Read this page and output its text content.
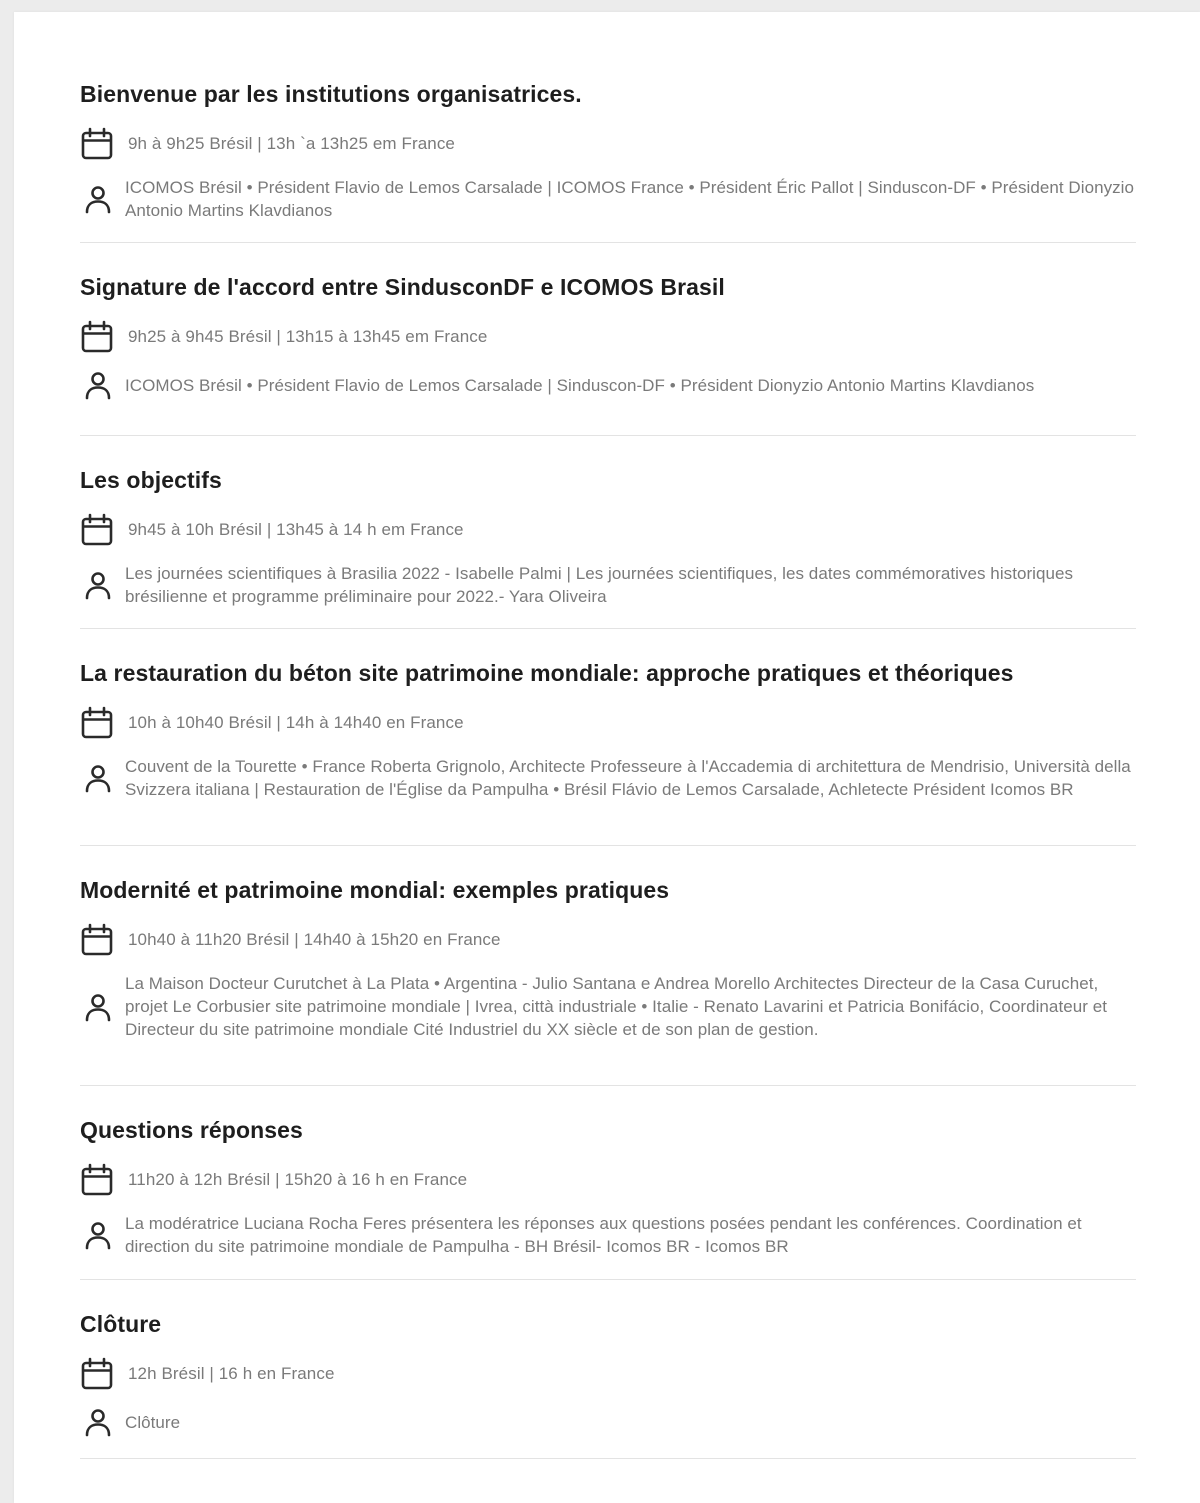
Bienvenue par les institutions organisatrices.
9h à 9h25 Brésil | 13h `a 13h25 em France
ICOMOS Brésil • Président Flavio de Lemos Carsalade | ICOMOS France • Président Éric Pallot | Sinduscon-DF • Président Dionyzio Antonio Martins Klavdianos
Signature de l'accord entre SindusconDF e ICOMOS Brasil
9h25 à 9h45 Brésil | 13h15 à 13h45 em France
ICOMOS Brésil • Président Flavio de Lemos Carsalade | Sinduscon-DF • Président Dionyzio Antonio Martins Klavdianos
Les objectifs
9h45 à 10h Brésil | 13h45 à 14 h em France
Les journées scientifiques à Brasilia 2022 - Isabelle Palmi | Les journées scientifiques, les dates commémoratives historiques brésilienne et programme préliminaire pour 2022.- Yara Oliveira
La restauration du béton site patrimoine mondiale: approche pratiques et théoriques
10h à 10h40 Brésil | 14h à 14h40 en France
Couvent de la Tourette • France Roberta Grignolo, Architecte Professeure à l'Accademia di architettura de Mendrisio, Università della Svizzera italiana | Restauration de l'Église da Pampulha • Brésil Flávio de Lemos Carsalade, Achletecte Président Icomos BR
Modernité et patrimoine mondial: exemples pratiques
10h40 à 11h20 Brésil | 14h40 à 15h20 en France
La Maison Docteur Curutchet à La Plata • Argentina - Julio Santana e Andrea Morello Architectes Directeur de la Casa Curuchet, projet Le Corbusier site patrimoine mondiale | Ivrea, città industriale • Italie - Renato Lavarini et Patricia Bonifácio, Coordinateur et Directeur du site patrimoine mondiale Cité Industriel du XX siècle et de son plan de gestion.
Questions réponses
11h20 à 12h Brésil | 15h20 à 16 h en France
La modératrice Luciana Rocha Feres présentera les réponses aux questions posées pendant les conférences. Coordination et direction du site patrimoine mondiale de Pampulha - BH Brésil- Icomos BR - Icomos BR
Clôture
12h Brésil | 16 h en France
Clôture
